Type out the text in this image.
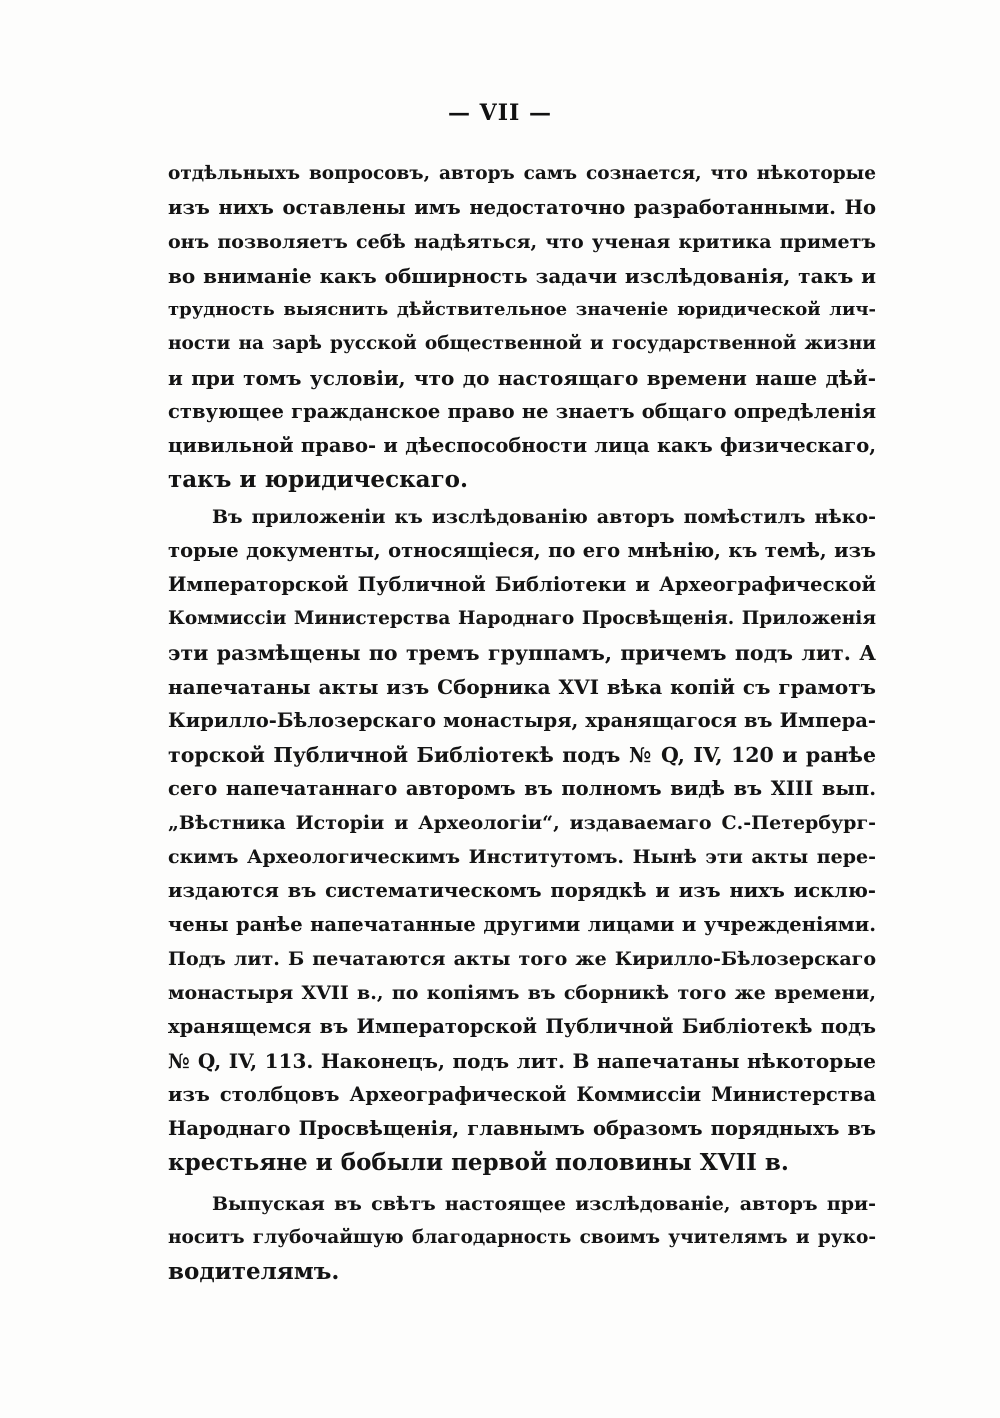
— VII —
отдѣльныхъ вопросовъ, авторъ самъ сознается, что нѣкоторые
изъ нихъ оставлены имъ недостаточно разработанными. Но
онъ позволяетъ себѣ надѣяться, что ученая критика приметъ
во вниманіе какъ обширность задачи изслѣдованія, такъ и
трудность выяснить дѣйствительное значеніе юридической лич-
ности на зарѣ русской общественной и государственной жизни
и при томъ условіи, что до настоящаго времени наше дѣй-
ствующее гражданское право не знаетъ общаго опредѣленія
цивильной право- и дѣеспособности лица какъ физическаго,
такъ и юридическаго.
Въ приложеніи къ изслѣдованію авторъ помѣстилъ нѣко-
торые документы, относящіеся, по его мнѣнію, къ темѣ, изъ
Императорской Публичной Библіотеки и Археографической
Коммиссіи Министерства Народнаго Просвѣщенія. Приложенія
эти размѣщены по тремъ группамъ, причемъ подъ лит. А
напечатаны акты изъ Сборника XVI вѣка копій съ грамотъ
Кирилло-Бѣлозерскаго монастыря, хранящагося въ Импера-
торской Публичной Библіотекѣ подъ № Q, IV, 120 и ранѣе
сего напечатаннаго авторомъ въ полномъ видѣ въ XIII вып.
„Вѣстника Исторіи и Археологіи“, издаваемаго С.-Петербург-
скимъ Археологическимъ Институтомъ. Нынѣ эти акты пере-
издаются въ систематическомъ порядкѣ и изъ нихъ исклю-
чены ранѣе напечатанные другими лицами и учрежденіями.
Подъ лит. Б печатаются акты того же Кирилло-Бѣлозерскаго
монастыря XVII в., по копіямъ въ сборникѣ того же времени,
хранящемся въ Императорской Публичной Библіотекѣ подъ
№ Q, IV, 113. Наконецъ, подъ лит. В напечатаны нѣкоторые
изъ столбцовъ Археографической Коммиссіи Министерства
Народнаго Просвѣщенія, главнымъ образомъ порядныхъ въ
крестьяне и бобыли первой половины XVII в.
Выпуская въ свѣтъ настоящее изслѣдованіе, авторъ при-
носитъ глубочайшую благодарность своимъ учителямъ и руко-
водителямъ.
